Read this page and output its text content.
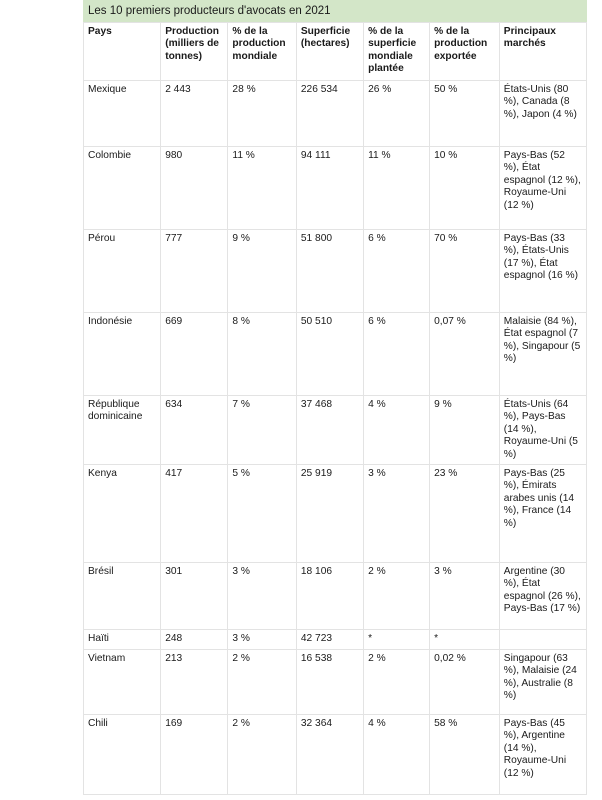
Les 10 premiers producteurs d'avocats en 2021
Pays	Production (milliers de tonnes)	% de la production mondiale	Superficie (hectares)	% de la superficie mondiale plantée	% de la production exportée	Principaux marchés
Mexique	2 443	28 %	226 534	26 %	50 %	États-Unis (80 %), Canada (8 %), Japon (4 %)
Colombie	980	11 %	94 111	11 %	10 %	Pays-Bas (52 %), État espagnol (12 %), Royaume-Uni (12 %)
Pérou	777	9 %	51 800	6 %	70 %	Pays-Bas (33 %), États-Unis (17 %), État espagnol (16 %)
Indonésie	669	8 %	50 510	6 %	0,07 %	Malaisie (84 %), État espagnol (7 %), Singapour (5 %)
République dominicaine	634	7 %	37 468	4 %	9 %	États-Unis (64 %), Pays-Bas (14 %), Royaume-Uni (5 %)
Kenya	417	5 %	25 919	3 %	23 %	Pays-Bas (25 %), Émirats arabes unis (14 %), France (14 %)
Brésil	301	3 %	18 106	2 %	3 %	Argentine (30 %), État espagnol (26 %), Pays-Bas (17 %)
Haïti	248	3 %	42 723	*	*	
Vietnam	213	2 %	16 538	2 %	0,02 %	Singapour (63 %), Malaisie (24 %), Australie (8 %)
Chili	169	2 %	32 364	4 %	58 %	Pays-Bas (45 %), Argentine (14 %), Royaume-Uni (12 %)
